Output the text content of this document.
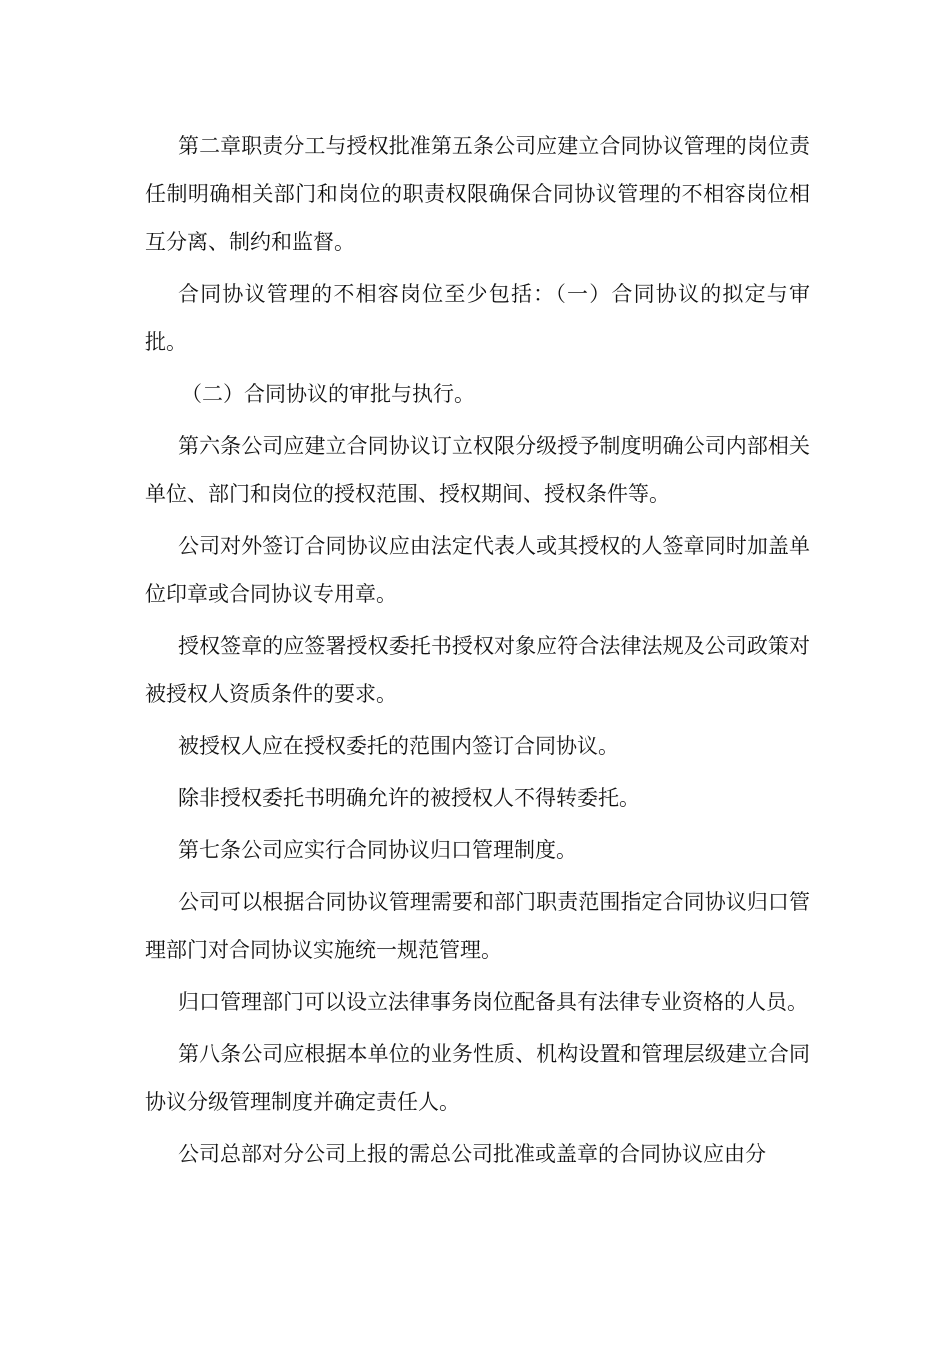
第二章职责分工与授权批准第五条公司应建立合同协议管理的岗位责任制明确相关部门和岗位的职责权限确保合同协议管理的不相容岗位相互分离、制约和监督。

合同协议管理的不相容岗位至少包括：（一）合同协议的拟定与审批。

（二）合同协议的审批与执行。

第六条公司应建立合同协议订立权限分级授予制度明确公司内部相关单位、部门和岗位的授权范围、授权期间、授权条件等。

公司对外签订合同协议应由法定代表人或其授权的人签章同时加盖单位印章或合同协议专用章。

授权签章的应签署授权委托书授权对象应符合法律法规及公司政策对被授权人资质条件的要求。

被授权人应在授权委托的范围内签订合同协议。

除非授权委托书明确允许的被授权人不得转委托。

第七条公司应实行合同协议归口管理制度。

公司可以根据合同协议管理需要和部门职责范围指定合同协议归口管理部门对合同协议实施统一规范管理。

归口管理部门可以设立法律事务岗位配备具有法律专业资格的人员。

第八条公司应根据本单位的业务性质、机构设置和管理层级建立合同协议分级管理制度并确定责任人。

公司总部对分公司上报的需总公司批准或盖章的合同协议应由分
